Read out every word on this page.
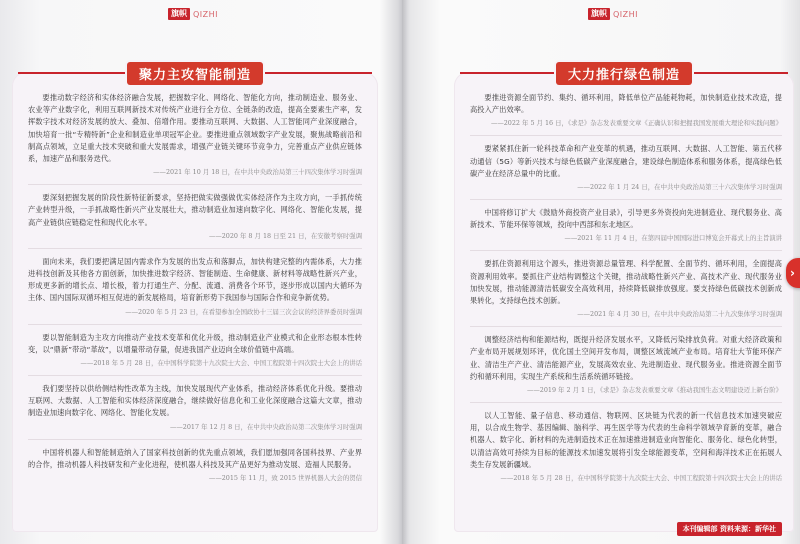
旗帜 QIZHI
聚力主攻智能制造

要推动数字经济和实体经济融合发展，把握数字化、网络化、智能化方向，推动制造业、服务业、农业等产业数字化，利用互联网新技术对传统产业进行全方位、全链条的改造，提高全要素生产率，发挥数字技术对经济发展的放大、叠加、倍增作用。要推动互联网、大数据、人工智能同产业深度融合，加快培育一批“专精特新”企业和制造业单项冠军企业。要推进重点领域数字产业发展，聚焦战略前沿和制高点领域，立足重大技术突破和重大发展需求，增强产业链关键环节竞争力，完善重点产业供应链体系，加速产品和服务迭代。

——2021 年 10 月 18 日，在中共中央政治局第三十四次集体学习时强调

要深刻把握发展的阶段性新特征新要求，坚持把做实做强做优实体经济作为主攻方向，一手抓传统产业转型升级，一手抓战略性新兴产业发展壮大，推动制造业加速向数字化、网络化、智能化发展，提高产业链供应链稳定性和现代化水平。

——2020 年 8 月 18 日至 21 日，在安徽考察时强调

面向未来，我们要把满足国内需求作为发展的出发点和落脚点，加快构建完整的内需体系，大力推进科技创新及其他各方面创新，加快推进数字经济、智能制造、生命健康、新材料等战略性新兴产业，形成更多新的增长点、增长极，着力打通生产、分配、流通、消费各个环节，逐步形成以国内大循环为主体、国内国际双循环相互促进的新发展格局，培育新形势下我国参与国际合作和竞争新优势。

——2020 年 5 月 23 日，在看望参加全国政协十三届三次会议的经济界委员时强调

要以智能制造为主攻方向推动产业技术变革和优化升级，推动制造业产业模式和企业形态根本性转变，以“鼎新”带动“革故”，以增量带动存量，促进我国产业迈向全球价值链中高端。

——2018 年 5 月 28 日，在中国科学院第十九次院士大会、中国工程院第十四次院士大会上的讲话

我们要坚持以供给侧结构性改革为主线，加快发展现代产业体系，推动经济体系优化升级。要推动互联网、大数据、人工智能和实体经济深度融合，继续做好信息化和工业化深度融合这篇大文章，推动制造业加速向数字化、网络化、智能化发展。

——2017 年 12 月 8 日，在中共中央政治局第二次集体学习时强调

中国将机器人和智能制造纳入了国家科技创新的优先重点领域，我们愿加强同各国科技界、产业界的合作，推动机器人科技研发和产业化进程，使机器人科技及其产品更好为推动发展、造福人民服务。

——2015 年 11 月，致 2015 世界机器人大会的贺信

旗帜 QIZHI
大力推行绿色制造

要推进资源全面节约、集约、循环利用，降低单位产品能耗物耗，加快制造业技术改造，提高投入产出效率。

——2022 年 5 月 16 日，《求是》杂志发表重要文章《正确认识和把握我国发展重大理论和实践问题》

要紧紧抓住新一轮科技革命和产业变革的机遇，推动互联网、大数据、人工智能、第五代移动通信（5G）等新兴技术与绿色低碳产业深度融合，建设绿色制造体系和服务体系，提高绿色低碳产业在经济总量中的比重。

——2022 年 1 月 24 日，在中共中央政治局第三十六次集体学习时强调

中国将修订扩大《鼓励外商投资产业目录》，引导更多外资投向先进制造业、现代服务业、高新技术、节能环保等领域，投向中西部和东北地区。

——2021 年 11 月 4 日，在第四届中国国际进口博览会开幕式上的主旨演讲

要抓住资源利用这个源头，推进资源总量管理、科学配置、全面节约、循环利用，全面提高资源利用效率。要抓住产业结构调整这个关键，推动战略性新兴产业、高技术产业、现代服务业加快发展，推动能源清洁低碳安全高效利用，持续降低碳排放强度。要支持绿色低碳技术创新成果转化，支持绿色技术创新。

——2021 年 4 月 30 日，在中共中央政治局第二十九次集体学习时强调

调整经济结构和能源结构，既提升经济发展水平，又降低污染排放负荷。对重大经济政策和产业布局开展规划环评，优化国土空间开发布局，调整区域流域产业布局。培育壮大节能环保产业、清洁生产产业、清洁能源产业，发展高效农业、先进制造业、现代服务业。推进资源全面节约和循环利用，实现生产系统和生活系统循环链接。

——2019 年 2 月 1 日，《求是》杂志发表重要文章《推动我国生态文明建设迈上新台阶》

以人工智能、量子信息、移动通信、物联网、区块链为代表的新一代信息技术加速突破应用，以合成生物学、基因编辑、脑科学、再生医学等为代表的生命科学领域孕育新的变革，融合机器人、数字化、新材料的先进制造技术正在加速推进制造业向智能化、服务化、绿色化转型，以清洁高效可持续为目标的能源技术加速发展将引发全球能源变革，空间和海洋技术正在拓展人类生存发展新疆域。

——2018 年 5 月 28 日，在中国科学院第十九次院士大会、中国工程院第十四次院士大会上的讲话

本刊编辑部 资料来源：新华社
›
